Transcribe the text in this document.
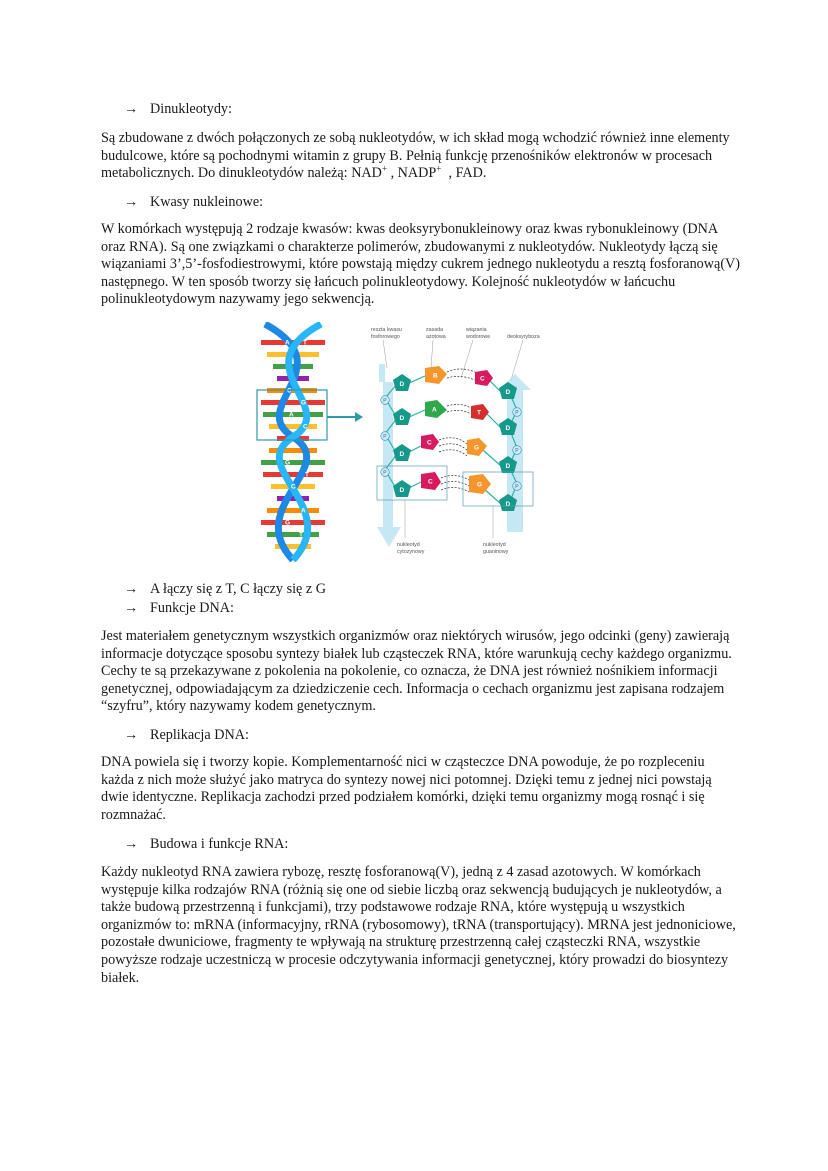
→ Dinukleotydy:

Są zbudowane z dwóch połączonych ze sobą nukleotydów, w ich skład mogą wchodzić również inne elementy budulcowe, które są pochodnymi witamin z grupy B. Pełnią funkcję przenośników elektronów w procesach metabolicznych. Do dinukleotydów należą: NAD+ , NADP+  , FAD.

→ Kwasy nukleinowe:

W komórkach występują 2 rodzaje kwasów: kwas deoksyrybonukleinowy oraz kwas rybonukleinowy (DNA oraz RNA). Są one związkami o charakterze polimerów, zbudowanymi z nukleotydów. Nukleotydy łączą się wiązaniami 3’,5’-fosfodiestrowymi, które powstają między cukrem jednego nukleotydu a resztą fosforanową(V) następnego. W ten sposób tworzy się łańcuch polinukleotydowy. Kolejność nukleotydów w łańcuchu polinukleotydowym nazywamy jego sekwencją.

A T
C
G
A
C
G
T
C
A
G
T
reszta kwasu
fosforowego
zasada
azotowa
wiązania
wodorowe	deoksyryboza
D
D
D
D
D
D
D
D
P
P
P
P
P
P
B	C
A	T
C
G
C	G
nukleotyd
cytozynowy
nukleotyd
guaninowy
→ A łączy się z T, C łączy się z G
→ Funkcje DNA:

Jest materiałem genetycznym wszystkich organizmów oraz niektórych wirusów, jego odcinki (geny) zawierają informacje dotyczące sposobu syntezy białek lub cząsteczek RNA, które warunkują cechy każdego organizmu. Cechy te są przekazywane z pokolenia na pokolenie, co oznacza, że DNA jest również nośnikiem informacji genetycznej, odpowiadającym za dziedziczenie cech. Informacja o cechach organizmu jest zapisana rodzajem “szyfru”, który nazywamy kodem genetycznym.

→ Replikacja DNA:

DNA powiela się i tworzy kopie. Komplementarność nici w cząsteczce DNA powoduje, że po rozpleceniu każda z nich może służyć jako matryca do syntezy nowej nici potomnej. Dzięki temu z jednej nici powstają dwie identyczne. Replikacja zachodzi przed podziałem komórki, dzięki temu organizmy mogą rosnąć i się rozmnażać.

→ Budowa i funkcje RNA:

Każdy nukleotyd RNA zawiera rybozę, resztę fosforanową(V), jedną z 4 zasad azotowych. W komórkach występuje kilka rodzajów RNA (różnią się one od siebie liczbą oraz sekwencją budujących je nukleotydów, a także budową przestrzenną i funkcjami), trzy podstawowe rodzaje RNA, które występują u wszystkich organizmów to: mRNA (informacyjny, rRNA (rybosomowy), tRNA (transportujący). MRNA jest jednoniciowe, pozostałe dwuniciowe, fragmenty te wpływają na strukturę przestrzenną całej cząsteczki RNA, wszystkie powyższe rodzaje uczestniczą w procesie odczytywania informacji genetycznej, który prowadzi do biosyntezy białek.
